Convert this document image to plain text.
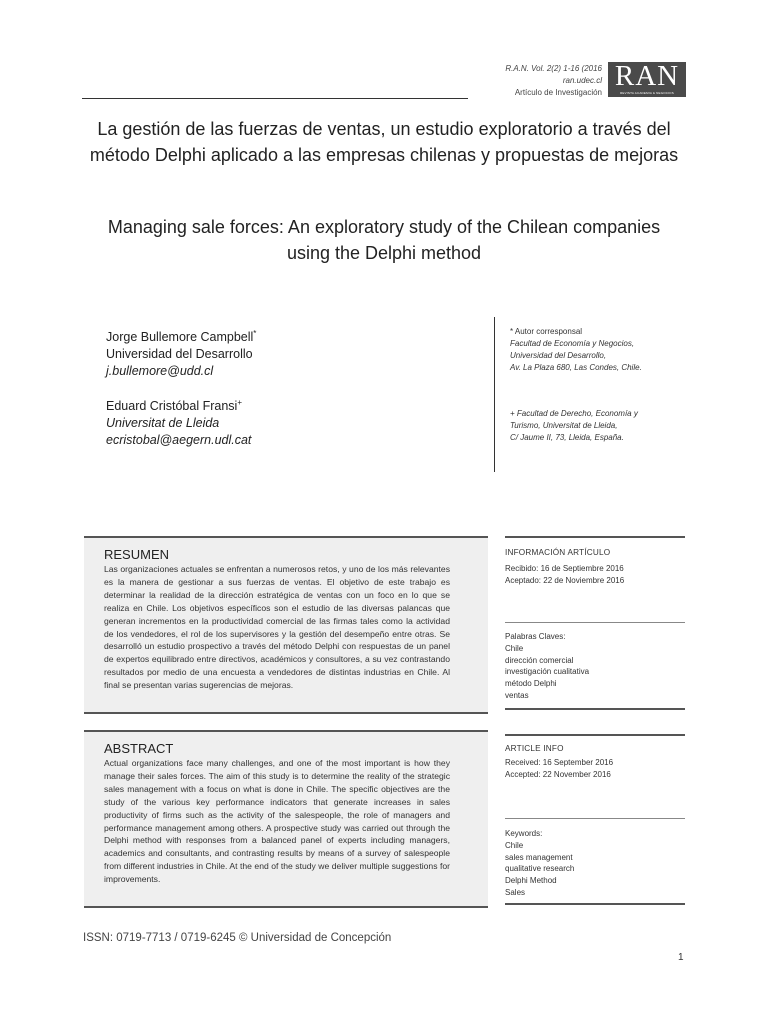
R.A.N. Vol. 2(2) 1-16 (2016
ran.udec.cl
Artículo de Investigación
RAN
REVISTA ACADEMIA & NEGOCIOS
La gestión de las fuerzas de ventas, un estudio exploratorio a través del método Delphi aplicado a las empresas chilenas y propuestas de mejoras
Managing sale forces: An exploratory study of the Chilean companies using the Delphi method
Jorge Bullemore Campbell*
Universidad del Desarrollo
j.bullemore@udd.cl
Eduard Cristóbal Fransi+
Universitat de Lleida
ecristobal@aegern.udl.cat
* Autor corresponsal
Facultad de Economía y Negocios,
Universidad del Desarrollo,
Av. La Plaza 680, Las Condes, Chile.
+ Facultad de Derecho, Economía y
Turismo, Universitat de Lleida,
C/ Jaume II, 73, Lleida, España.
RESUMEN
Las organizaciones actuales se enfrentan a numerosos retos, y uno de los más relevantes es la manera de gestionar a sus fuerzas de ventas. El objetivo de este trabajo es determinar la realidad de la dirección estratégica de ventas con un foco en lo que se realiza en Chile. Los objetivos específicos son el estudio de las diversas palancas que generan incrementos en la productividad comercial de las firmas tales como la actividad de los vendedores, el rol de los supervisores y la gestión del desempeño entre otras. Se desarrolló un estudio prospectivo a través del método Delphi con respuestas de un panel de expertos equilibrado entre directivos, académicos y consultores, a su vez contrastando resultados por medio de una encuesta a vendedores de distintas industrias en Chile. Al final se presentan varias sugerencias de mejoras.
INFORMACIÓN ARTÍCULO
Recibido: 16 de Septiembre 2016
Aceptado: 22 de Noviembre 2016
Palabras Claves:
Chile
dirección comercial
investigación cualitativa
método Delphi
ventas
ABSTRACT
Actual organizations face many challenges, and one of the most important is how they manage their sales forces. The aim of this study is to determine the reality of the strategic sales management with a focus on what is done in Chile. The specific objectives are the study of the various key performance indicators that generate increases in sales productivity of firms such as the activity of the salespeople, the role of managers and performance management among others. A prospective study was carried out through the Delphi method with responses from a balanced panel of experts including managers, academics and consultants, and contrasting results by means of a survey of salespeople from different industries in Chile. At the end of the study we deliver multiple suggestions for improvements.
ARTICLE INFO
Received: 16 September 2016
Accepted: 22 November 2016
Keywords:
Chile
sales management
qualitative research
Delphi Method
Sales
ISSN: 0719-7713 / 0719-6245 © Universidad de Concepción
1
